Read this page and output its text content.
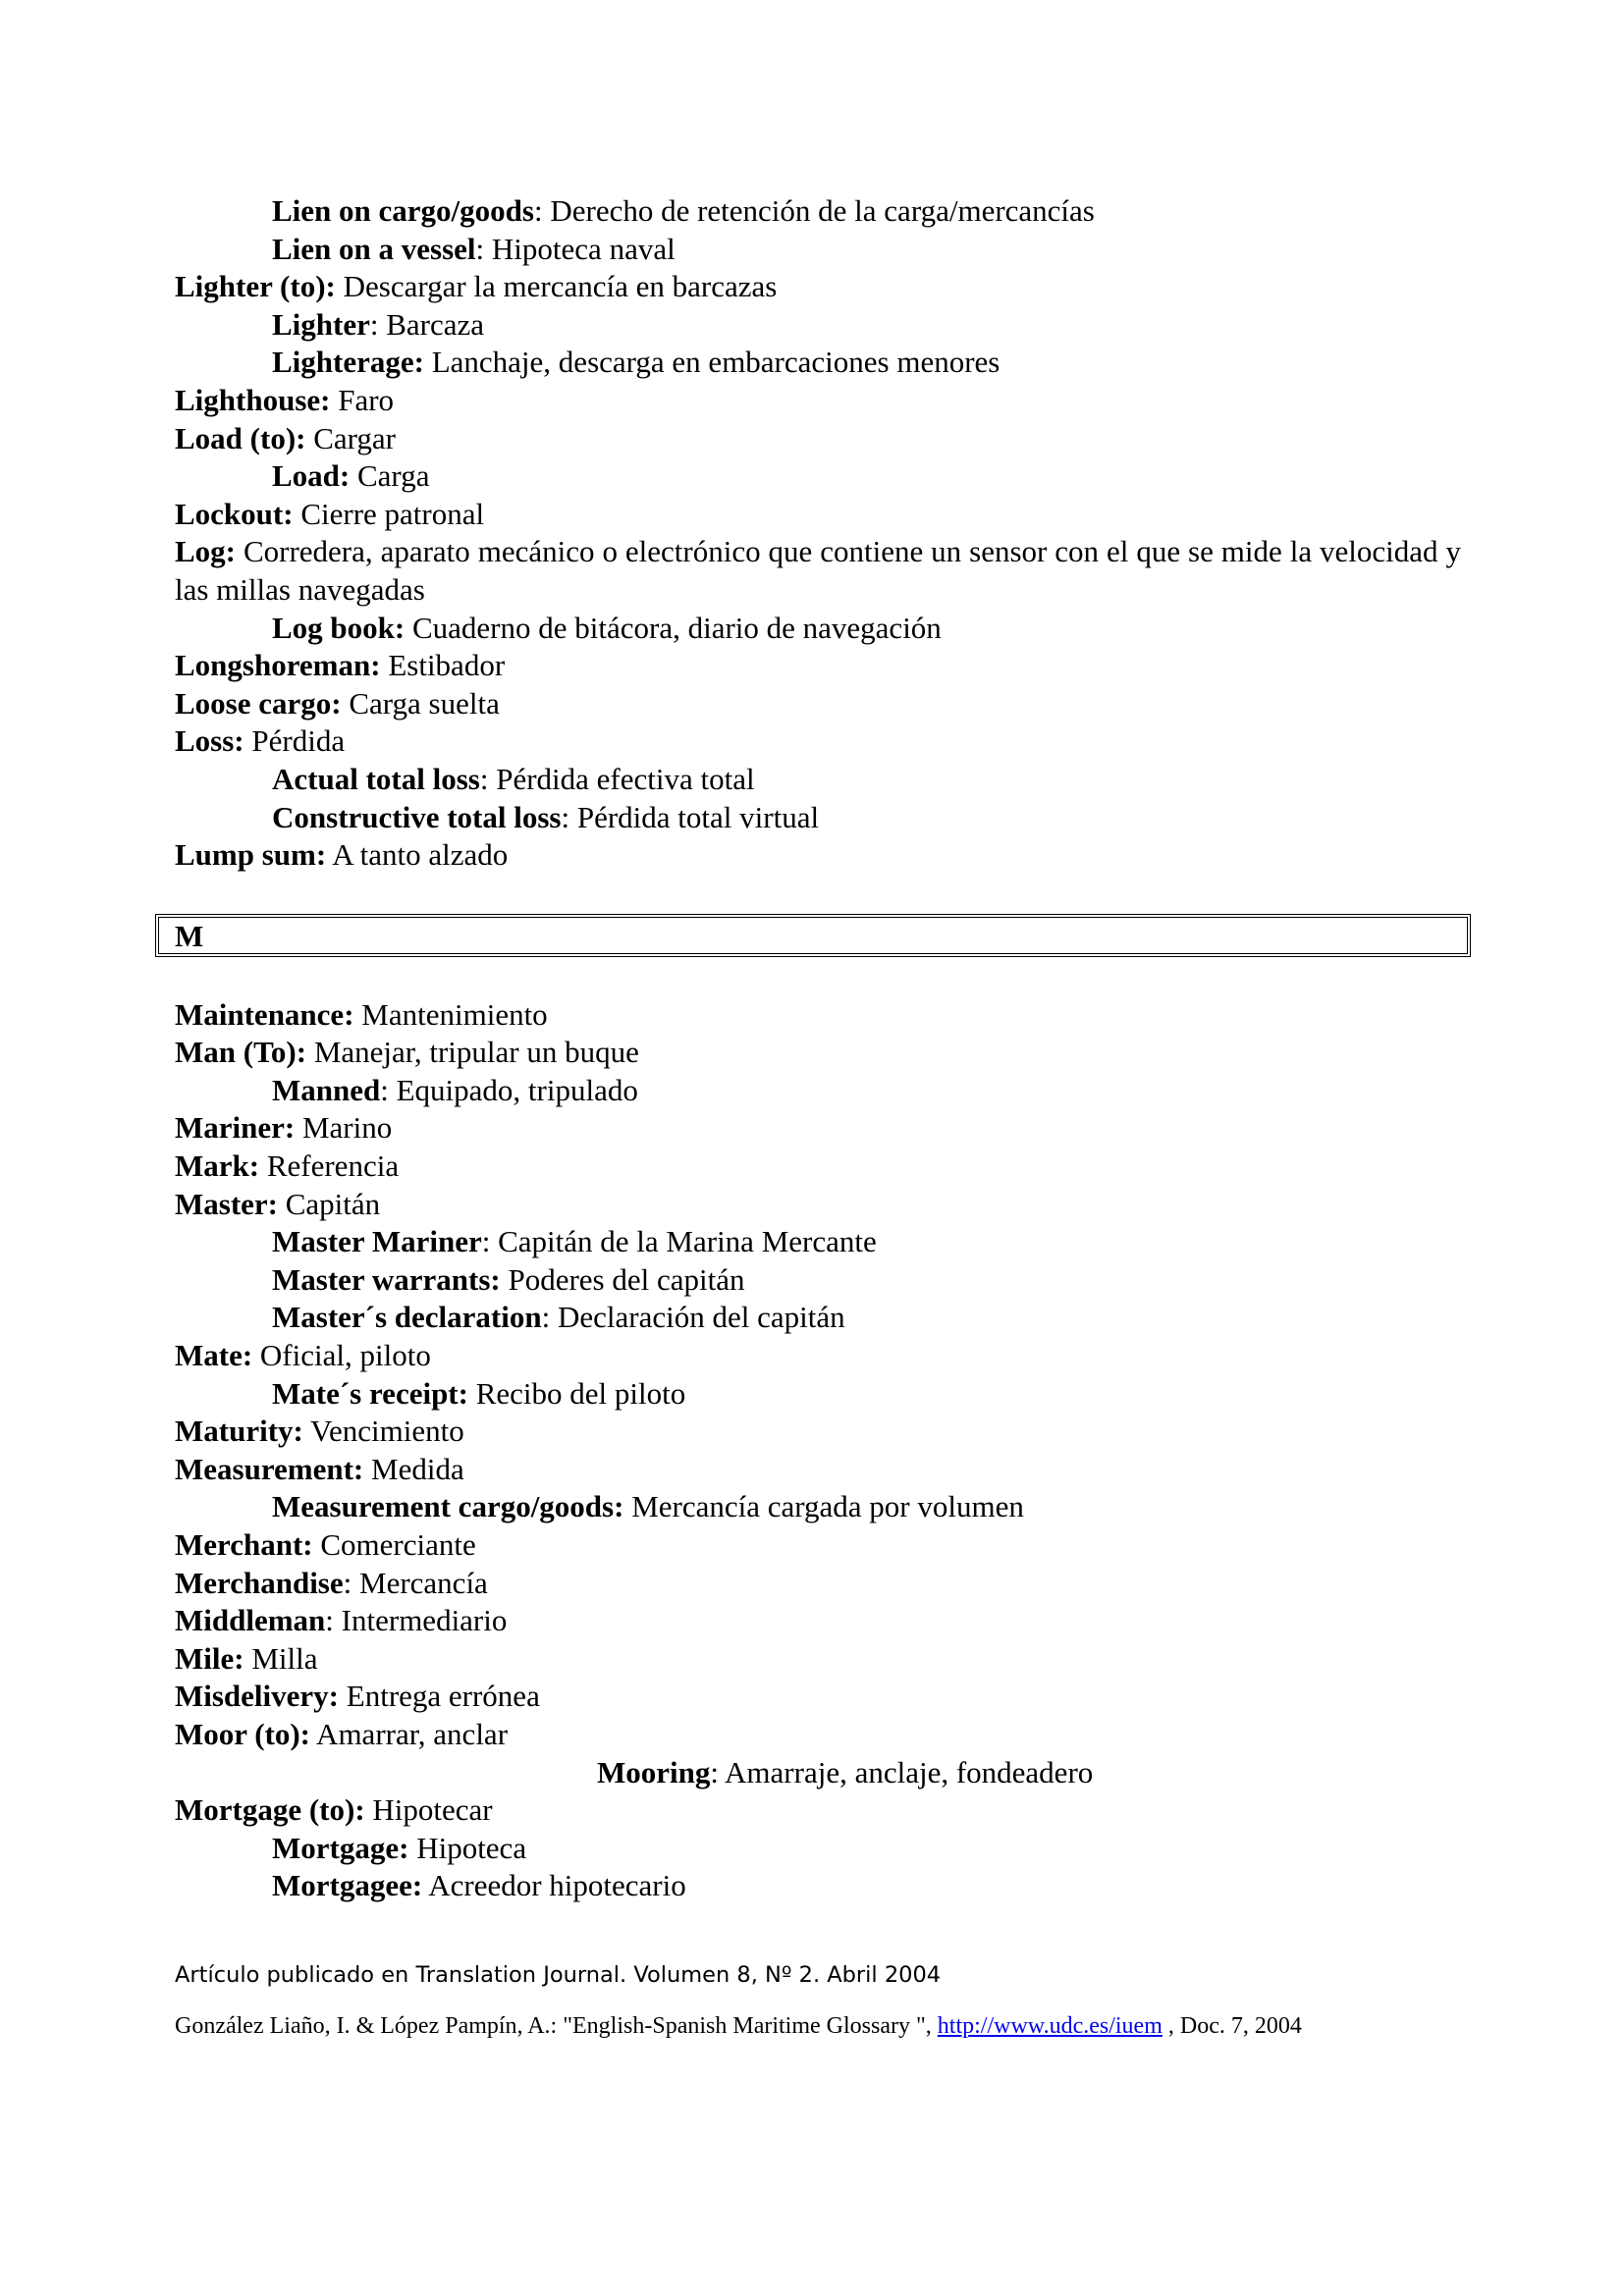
Lien on cargo/goods: Derecho de retención de la carga/mercancías
Lien on a vessel: Hipoteca naval
Lighter (to): Descargar la mercancía en barcazas
Lighter: Barcaza
Lighterage: Lanchaje, descarga en embarcaciones menores
Lighthouse: Faro
Load (to): Cargar
Load: Carga
Lockout: Cierre patronal
Log: Corredera, aparato mecánico o electrónico que contiene un sensor con el que se mide la velocidad y las millas navegadas
Log book: Cuaderno de bitácora, diario de navegación
Longshoreman: Estibador
Loose cargo: Carga suelta
Loss: Pérdida
Actual total loss: Pérdida efectiva total
Constructive total loss: Pérdida total virtual
Lump sum: A tanto alzado
M
Maintenance: Mantenimiento
Man (To): Manejar, tripular un buque
Manned: Equipado, tripulado
Mariner: Marino
Mark: Referencia
Master: Capitán
Master Mariner: Capitán de la Marina Mercante
Master warrants: Poderes del capitán
Master´s declaration: Declaración del capitán
Mate: Oficial, piloto
Mate´s receipt: Recibo del piloto
Maturity: Vencimiento
Measurement: Medida
Measurement cargo/goods: Mercancía cargada por volumen
Merchant: Comerciante
Merchandise: Mercancía
Middleman: Intermediario
Mile: Milla
Misdelivery: Entrega errónea
Moor (to): Amarrar, anclar
Mooring: Amarraje, anclaje, fondeadero
Mortgage (to): Hipotecar
Mortgage: Hipoteca
Mortgagee: Acreedor hipotecario
Artículo publicado en Translation Journal. Volumen 8, Nº 2. Abril 2004
González Liaño, I. & López Pampín, A.: "English-Spanish Maritime Glossary ", http://www.udc.es/iuem , Doc. 7, 2004
